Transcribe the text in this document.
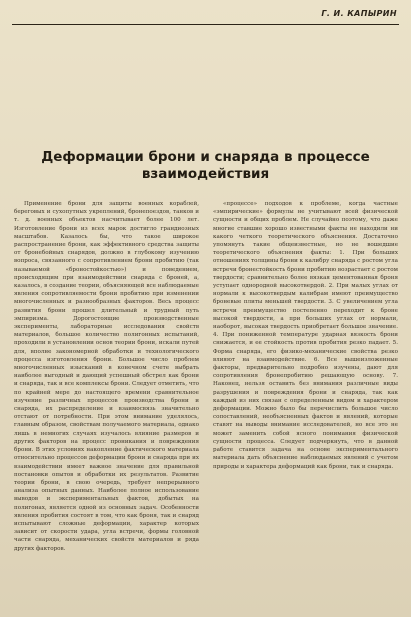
Г. И. КАПЫРИН
Деформации брони и снаряда в процессе взаимодействия

Применение брони для защиты военных кораблей, береговых и сухопутных укреплений, бронепоездов, танков и т. д. военных объектов насчитывает более 100 лет. Изготовление брони из всех марок достигло грандиозных масштабов. Казалось бы, что такое широкое распространение брони, как эффективного средства защиты от бронебойных снарядов, должно в глубокому изучению вопроса, связанного с сопротивлением брони пробитию (так называемой «броностойкостью») и поведением, происходящим при взаимодействии снаряда с броней, а, казалось, в создание теории, объясняющей все наблюдаемые явления сопротивляемости брони пробитию при изменении многочисленных и разнообразных факторов. Весь процесс развития брони прошел длительный и трудный путь эмпиризма. Дорогостоящие производственные эксперименты, лабораторные исследования свойств материалов, большое количество полигонных испытаний, проходили в установлении основ теории брони, искали путей для, вполне закономерной обработки и технологического процесса изготовления брони. Большое число проблем многочисленных изысканий в конечном счете выбрать наиболее выгодный и дающий успешный обстрел как брони и снаряда, так и все комплексы брони. Следует отметить, что по крайней мере до настоящего времени сравнительное изучение различных процессов производства брони и снаряда, их распределение и взаимосвязь значительно отстают от потребности. При этом внимание уделялось, главным образом, свойствам получаемого материала, однако лишь в немногих случаях изучалось влияние размеров и других факторов на процесс проникания и повреждения брони. В этих условиях накопление фактического материала относительно процессов деформации брони и снаряда при их взаимодействии имеет важное значение для правильной постановки опытов и обработки их результатов. Развитие теории брони, в свою очередь, требует непрерывного анализа опытных данных. Наиболее полное использование выводов и экспериментальных фактов, добытых на полигонах, является одной из основных задач. Особенности явления пробития состоят в том, что как броня, так и снаряд испытывают сложные деформации, характер которых зависит от скорости удара, угла встречи, формы головной части снаряда, механических свойств материалов и ряда других факторов.

«процессе» подходов к проблеме, когда частные «эмпирические» формулы не учитывают всей физической сущности и общих проблем. Не случайно поэтому, что даже многие ставшие хорошо известными факты не находили ни какого четкого теоретического объяснения. Достаточно упомянуть такие общеизвестные, но не вошедшие теоретического объяснения факты: 1. При больших отношениях толщины брони к калибру снаряда с ростом угла встречи бронестойкость брони пробитию возрастает с ростом твердости; сравнительно более вязкая цементованная броня уступает однородной высокотвердой. 2. При малых углах от нормали к высокотвердым калибрам имеют преимущество броневые плиты меньшей твердости. 3. С увеличением угла встречи преимущество постепенно переходит к броне высокой твердости, а при больших углах от нормали, наоборот, высокая твердость приобретает большое значение. 4. При пониженной температуре ударная вязкость брони снижается, и ее стойкость против пробития резко падает. 5. Форма снаряда, его физико-механические свойства резко влияют на взаимодействие. 6. Все вышеизложенные факторы, предварительно подробно изучены, дают для сопротивления бронепробитию решающую основу. 7. Наконец, нельзя оставить без внимания различные виды разрушения и повреждения брони и снаряда, так как каждый из них связан с определенным видом и характером деформации. Можно было бы перечислить большое число сопоставлений, необъясненных фактов и явлений, которые ставят на выводы внимание исследователей, но все это не может заменить собой ясного понимания физической сущности процесса. Следует подчеркнуть, что в данной работе ставится задача на основе экспериментального материала дать объяснение наблюдаемых явлений с учетом природы и характера деформаций как брони, так и снаряда.
